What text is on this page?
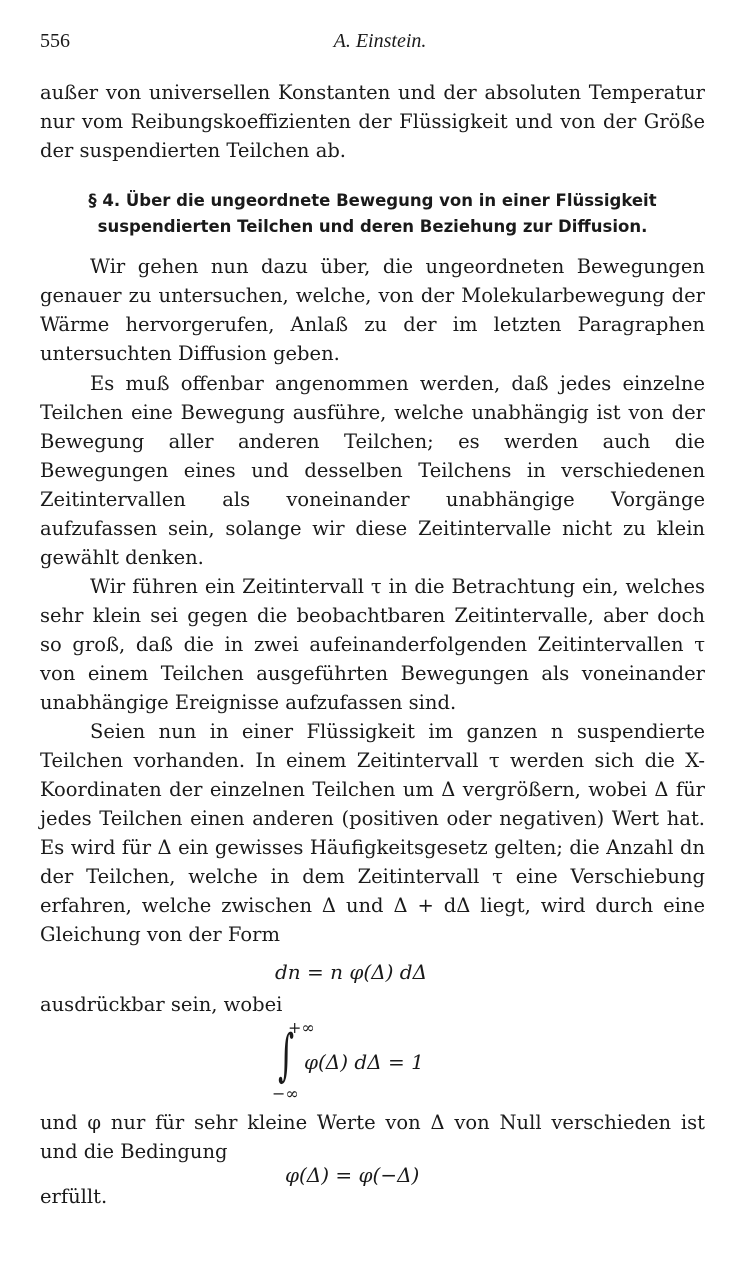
556	A. Einstein.

außer von universellen Konstanten und der absoluten Temperatur nur vom Reibungskoeffizienten der Flüssigkeit und von der Größe der suspendierten Teilchen ab.

§ 4. Über die ungeordnete Bewegung von in einer Flüssigkeit
suspendierten Teilchen und deren Beziehung zur Diffusion.

Wir gehen nun dazu über, die ungeordneten Bewegungen genauer zu untersuchen, welche, von der Molekularbewegung der Wärme hervorgerufen, Anlaß zu der im letzten Paragraphen untersuchten Diffusion geben.

Es muß offenbar angenommen werden, daß jedes einzelne Teilchen eine Bewegung ausführe, welche unabhängig ist von der Bewegung aller anderen Teilchen; es werden auch die Bewegungen eines und desselben Teilchens in verschiedenen Zeitintervallen als voneinander unabhängige Vorgänge aufzufassen sein, solange wir diese Zeitintervalle nicht zu klein gewählt denken.

Wir führen ein Zeitintervall τ in die Betrachtung ein, welches sehr klein sei gegen die beobachtbaren Zeitintervalle, aber doch so groß, daß die in zwei aufeinanderfolgenden Zeitintervallen τ von einem Teilchen ausgeführten Bewegungen als voneinander unabhängige Ereignisse aufzufassen sind.

Seien nun in einer Flüssigkeit im ganzen n suspendierte Teilchen vorhanden. In einem Zeitintervall τ werden sich die X-Koordinaten der einzelnen Teilchen um Δ vergrößern, wobei Δ für jedes Teilchen einen anderen (positiven oder negativen) Wert hat. Es wird für Δ ein gewisses Häufigkeitsgesetz gelten; die Anzahl dn der Teilchen, welche in dem Zeitintervall τ eine Verschiebung erfahren, welche zwischen Δ und Δ + dΔ liegt, wird durch eine Gleichung von der Form

dn = n φ(Δ) dΔ
ausdrückbar sein, wobei
+∞
∫
−∞
φ(Δ) dΔ = 1

und φ nur für sehr kleine Werte von Δ von Null verschieden ist und die Bedingung

φ(Δ) = φ(−Δ)
erfüllt.
